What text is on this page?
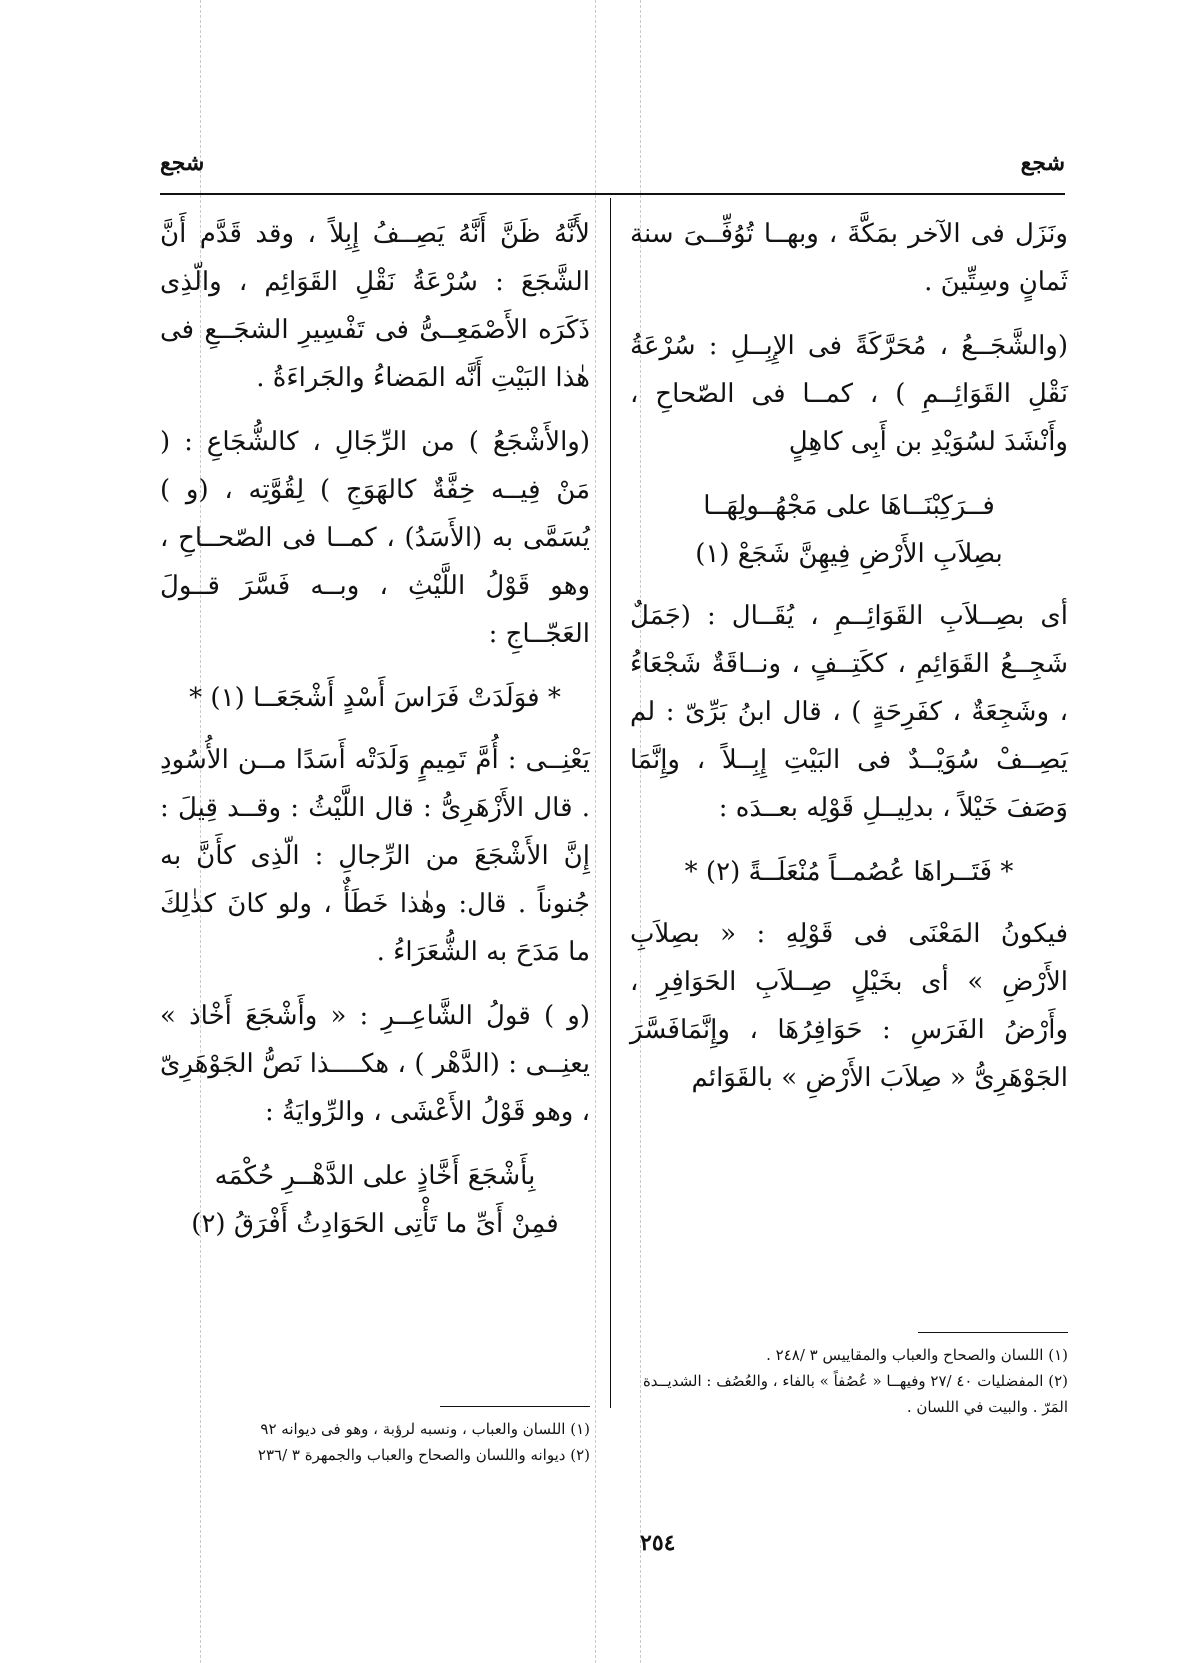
شجع
شجع

ونَزَل فى الآخر بمَكَّةَ ، وبهــا تُوُفِّــىَ سنة ثَمانٍ وسِتِّينَ .

(والشَّجَــعُ ، مُحَرَّكَةً فى الإِبِــلِ : سُرْعَةُ نَقْلِ القَوَائِــمِ ) ، كمــا فى الصّحاحِ ، وأَنْشَدَ لسُوَيْدِ بن أَبِى كاهِلٍ

فــرَكِبْنَــاهَا على مَجْهُــولِهَــا
بصِلاَبِ الأَرْضِ فِيهِنَّ شَجَعْ (١)

أى بصِــلاَبِ القَوَائِــمِ ، يُقَــال : (جَمَلٌ شَجِــعُ القَوَائِمِ ، ككَتِــفٍ ، ونــاقَةٌ شَجْعَاءُ ، وشَجِعَةٌ ، كفَرِحَةٍ ) ، قال ابنُ بَرِّىّ : لم يَصِــفْ سُوَيْــدٌ فى البَيْتِ إِبِــلاً ، وإِنَّمَا وَصَفَ خَيْلاً ، بدلِيــلِ قَوْلِه بعــدَه :

* فَتَــراهَا عُصُمــاً مُنْعَلَــةً (٢) *

فيكونُ المَعْنَى فى قَوْلِهِ : « بصِلاَبِ الأَرْضِ » أى بخَيْلٍ صِــلاَبِ الحَوَافِرِ ، وأَرْضُ الفَرَسِ : حَوَافِرُهَا ، وإِنَّمَافَسَّرَ الجَوْهَرِىُّ « صِلاَبَ الأَرْضِ » بالقَوَائم

لأَنَّهُ ظَنَّ أَنَّهُ يَصِــفُ إِبِلاً ، وقد قَدَّم أَنَّ الشَّجَعَ : سُرْعَةُ نَقْلِ القَوَائِم ، والّذِى ذَكَرَه الأَصْمَعِــىُّ فى تَفْسِيرِ الشجَــعِ فى هٰذا البَيْتِ أَنَّه المَضاءُ والجَراءَةُ .

(والأَشْجَعُ ) من الرِّجَالِ ، كالشُّجَاعِ : ( مَنْ فِيــه خِفَّةٌ كالهَوَجِ ) لِقُوَّتِه ، (و ) يُسَمَّى به (الأَسَدُ) ، كمــا فى الصّحــاحِ ، وهو قَوْلُ اللَّيْثِ ، وبــه فَسَّرَ قــولَ العَجّــاجِ :

* فوَلَدَتْ فَرَاسَ أَسْدٍ أَشْجَعَــا (١) *

يَعْنِــى : أُمَّ تَمِيمٍ وَلَدَتْه أَسَدًا مــن الأُسُودِ . قال الأَزْهَرِىُّ : قال اللَّيْثُ : وقــد قِيلَ : إِنَّ الأَشْجَعَ من الرِّجالِ : الّذِى كأَنَّ به جُنوناً . قال: وهٰذا خَطَأٌ ، ولو كانَ كذٰلِكَ ما مَدَحَ به الشُّعَرَاءُ .

(و ) قولُ الشَّاعِــرِ : « وأَشْجَعَ أَخْاذ » يعنِــى : (الدَّهْر ) ، هكــــذا نَصُّ الجَوْهَرِىّ ، وهو قَوْلُ الأَعْشَى ، والرِّوايَةُ :

بِأَشْجَعَ أَخَّاذٍ على الدَّهْــرِ حُكْمَه
فمِنْ أَىِّ ما تَأْتِى الحَوَادِثُ أَفْرَقُ (٢)

(١) اللسان والعباب ، ونسبه لرؤبة ، وهو فى ديوانه ٩٢

(٢) ديوانه واللسان والصحاح والعباب والجمهرة ٣ /٢٣٦

(١) اللسان والصحاح والعباب والمقاييس ٣ /٢٤٨ .

(٢) المفضليات ٤٠ /٢٧ وفيهــا « عُصُفاً » بالفاء ، والعُصُف : الشديــدة المَرّ . والبيت في اللسان .

٢٥٤
